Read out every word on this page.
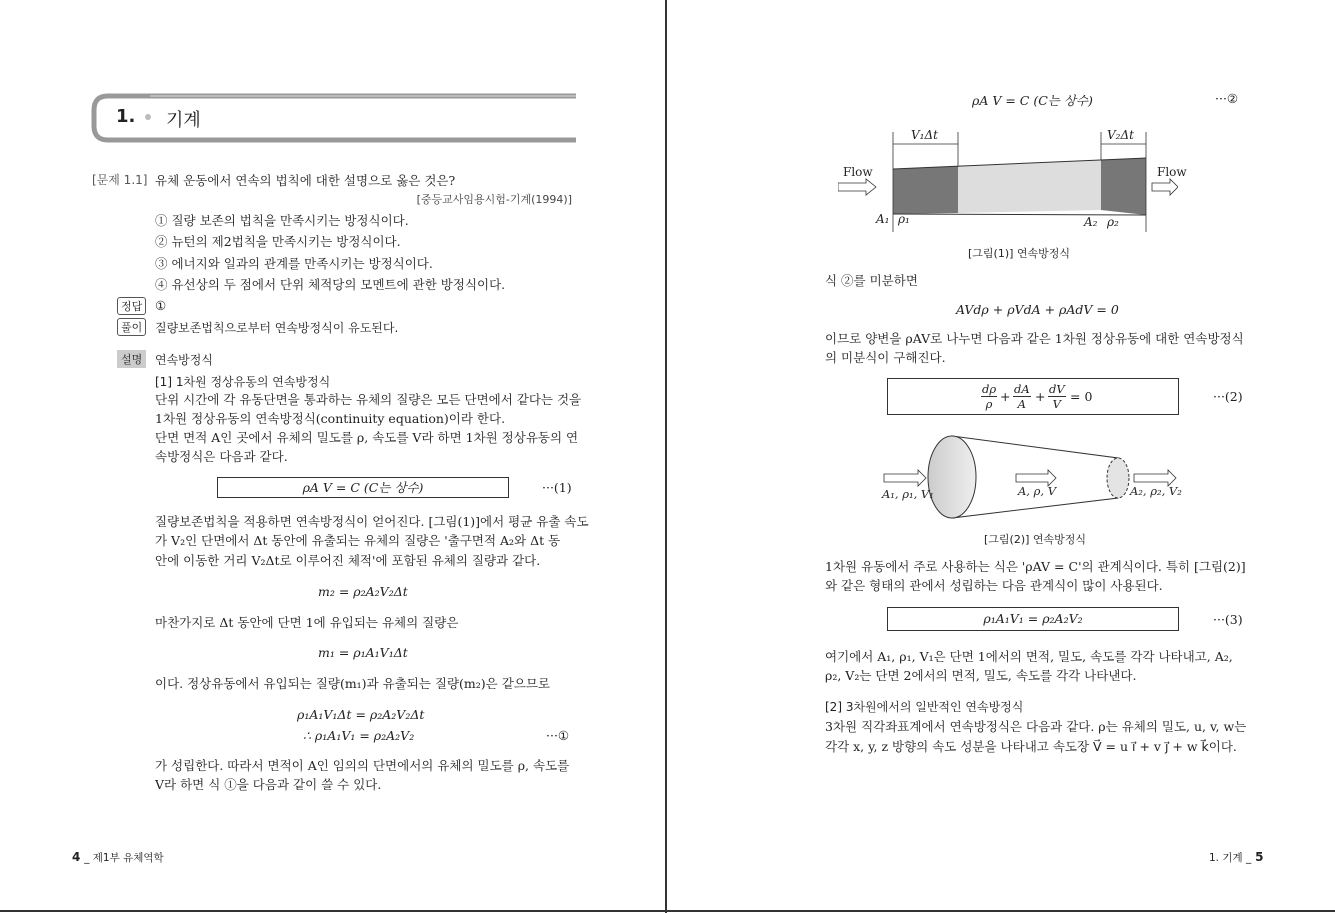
1. 기계
[문제 1.1] 유체 운동에서 연속의 법칙에 대한 설명으로 옳은 것은?
[중등교사임용시험-기계(1994)]
① 질량 보존의 법칙을 만족시키는 방정식이다.
② 뉴턴의 제2법칙을 만족시키는 방정식이다.
③ 에너지와 일과의 관계를 만족시키는 방정식이다.
④ 유선상의 두 점에서 단위 체적당의 모멘트에 관한 방정식이다.
정답	①
풀이	질량보존법칙으로부터 연속방정식이 유도된다.
설명	연속방정식
[1] 1차원 정상유동의 연속방정식
단위 시간에 각 유동단면을 통과하는 유체의 질량은 모든 단면에서 같다는 것을
1차원 정상유동의 연속방정식(continuity equation)이라 한다.
단면 면적 A인 곳에서 유체의 밀도를 ρ, 속도를 V라 하면 1차원 정상유동의 연
속방정식은 다음과 같다.
ρA V = C (C는 상수)	···(1)
질량보존법칙을 적용하면 연속방정식이 얻어진다. [그림(1)]에서 평균 유출 속도
가 V₂인 단면에서 Δt 동안에 유출되는 유체의 질량은 '출구면적 A₂와 Δt 동
안에 이동한 거리 V₂Δt로 이루어진 체적'에 포함된 유체의 질량과 같다.
m₂ = ρ₂A₂V₂Δt
마찬가지로 Δt 동안에 단면 1에 유입되는 유체의 질량은
m₁ = ρ₁A₁V₁Δt
이다. 정상유동에서 유입되는 질량(m₁)과 유출되는 질량(m₂)은 같으므로
ρ₁A₁V₁Δt = ρ₂A₂V₂Δt
∴ ρ₁A₁V₁ = ρ₂A₂V₂	···①
가 성립한다. 따라서 면적이 A인 임의의 단면에서의 유체의 밀도를 ρ, 속도를
V라 하면 식 ①을 다음과 같이 쓸 수 있다.
4 _ 제1부 유체역학
ρA V = C (C는 상수)	···②
V₁Δt	V₂Δt
Flow	Flow
A₁ ρ₁	A₂ ρ₂
[그림(1)] 연속방정식
식 ②를 미분하면
AVdρ + ρVdA + ρAdV = 0
이므로 양변을 ρAV로 나누면 다음과 같은 1차원 정상유동에 대한 연속방정식
의 미분식이 구해진다.
$\frac{d\rho}{\rho} + \frac{dA}{A} + \frac{dV}{V} = 0$	···(2)
A₁, ρ₁, V₁	A, ρ, V	A₂, ρ₂, V₂
[그림(2)] 연속방정식
1차원 유동에서 주로 사용하는 식은 'ρAV = C'의 관계식이다. 특히 [그림(2)]
와 같은 형태의 관에서 성립하는 다음 관계식이 많이 사용된다.
ρ₁A₁V₁ = ρ₂A₂V₂	···(3)
여기에서 A₁, ρ₁, V₁은 단면 1에서의 면적, 밀도, 속도를 각각 나타내고, A₂,
ρ₂, V₂는 단면 2에서의 면적, 밀도, 속도를 각각 나타낸다.
[2] 3차원에서의 일반적인 연속방정식
3차원 직각좌표계에서 연속방정식은 다음과 같다. ρ는 유체의 밀도, u, v, w는
각각 x, y, z 방향의 속도 성분을 나타내고 속도장 V⃗ = u i⃗ + v j⃗ + w k⃗이다.
1. 기계 _ 5
